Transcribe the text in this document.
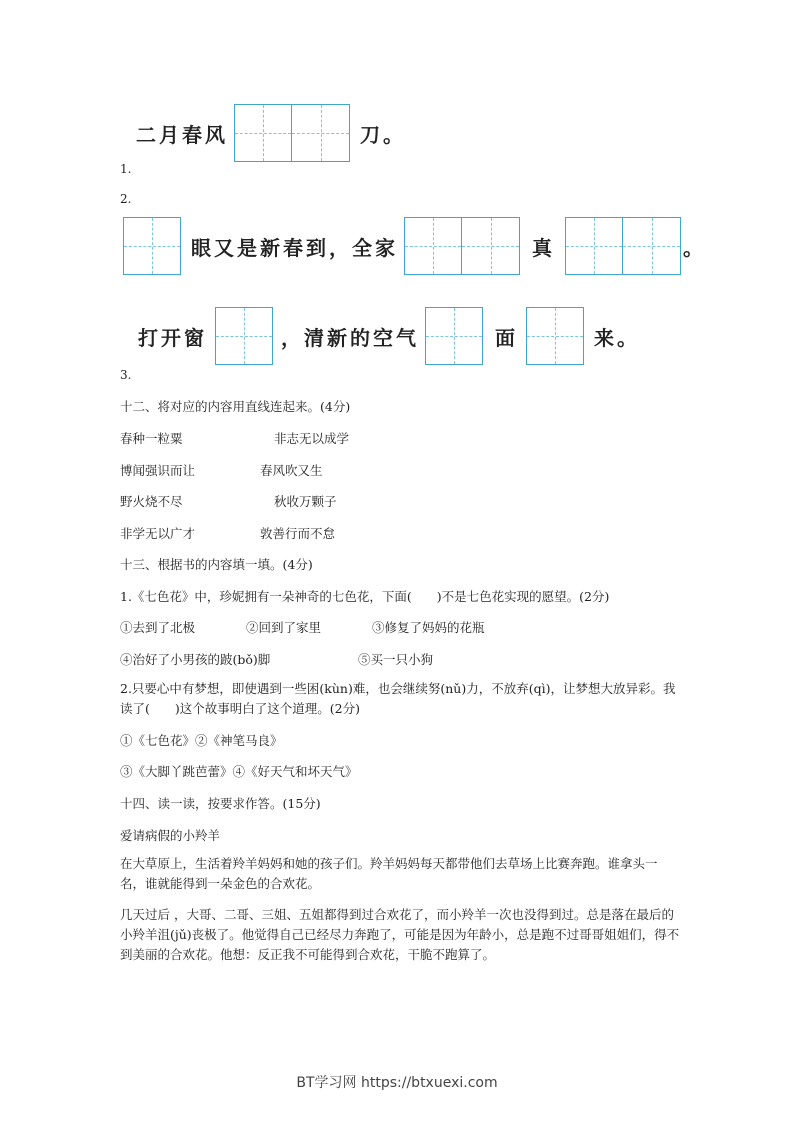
二月春风	刀。
1.
2.
眼又是新春到，全家	真	。
打开窗	，清新的空气	面	来。
3.
十二、将对应的内容用直线连起来。(4分)
春种一粒粟	非志无以成学
博闻强识而让	春风吹又生
野火烧不尽	秋收万颗子
非学无以广才	敦善行而不怠
十三、根据书的内容填一填。(4分)
1.《七色花》中，珍妮拥有一朵神奇的七色花，下面(　　)不是七色花实现的愿望。(2分)
①去到了北极	②回到了家里	③修复了妈妈的花瓶
④治好了小男孩的跛(bǒ)脚	⑤买一只小狗
2.只要心中有梦想，即使遇到一些困(kùn)难，也会继续努(nǔ)力，不放弃(qì)，让梦想大放异彩。我读了(　　)这个故事明白了这个道理。(2分)
①《七色花》②《神笔马良》
③《大脚丫跳芭蕾》④《好天气和坏天气》
十四、读一读，按要求作答。(15分)
爱请病假的小羚羊
在大草原上，生活着羚羊妈妈和她的孩子们。羚羊妈妈每天都带他们去草场上比赛奔跑。谁拿头一名，谁就能得到一朵金色的合欢花。
几天过后 ，大哥、二哥、三姐、五姐都得到过合欢花了，而小羚羊一次也没得到过。总是落在最后的小羚羊沮(jǔ)丧极了。他觉得自己已经尽力奔跑了，可能是因为年龄小，总是跑不过哥哥姐姐们，得不到美丽的合欢花。他想：反正我不可能得到合欢花，干脆不跑算了。
BT学习网 https://btxuexi.com
